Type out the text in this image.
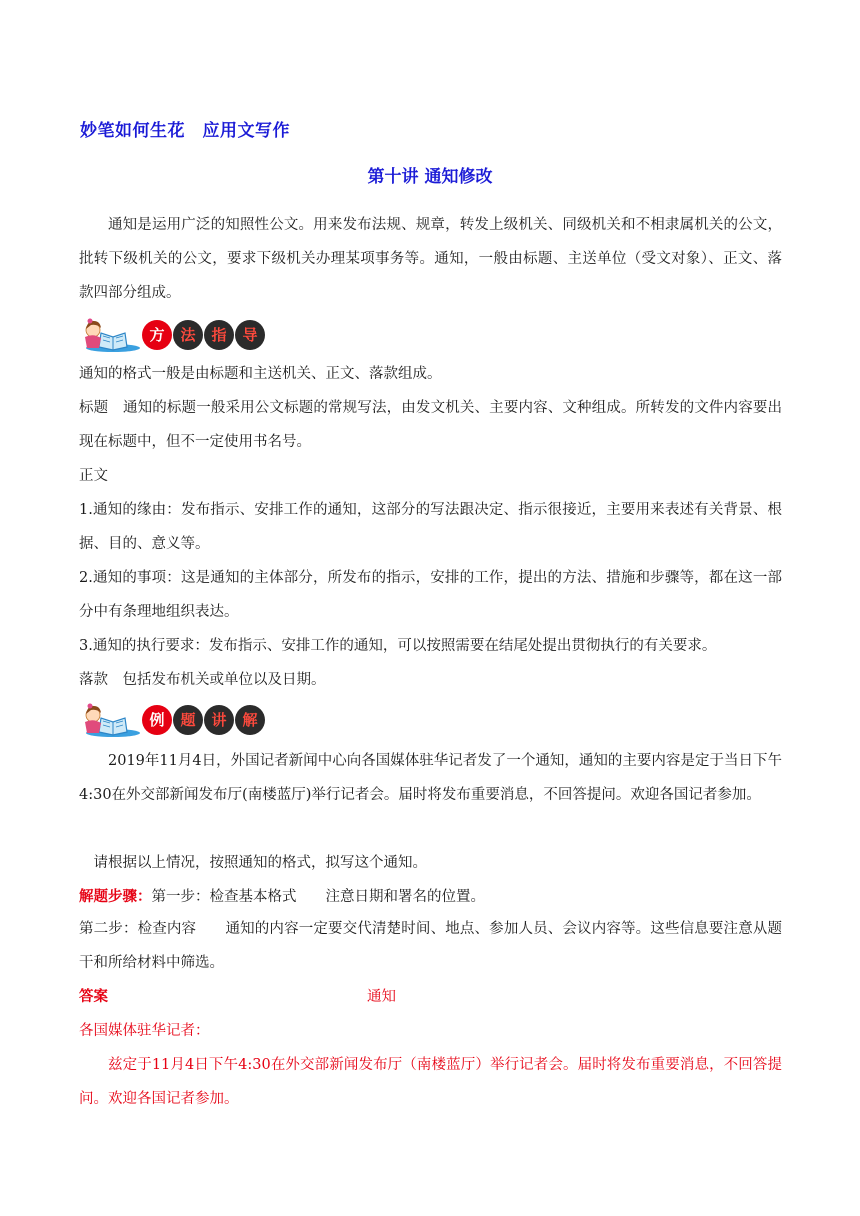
妙笔如何生花　应用文写作
第十讲 通知修改

通知是运用广泛的知照性公文。用来发布法规、规章，转发上级机关、同级机关和不相隶属机关的公文，批转下级机关的公文，要求下级机关办理某项事务等。通知，一般由标题、主送单位（受文对象）、正文、落款四部分组成。

方	法	指	导

通知的格式一般是由标题和主送机关、正文、落款组成。

标题　通知的标题一般采用公文标题的常规写法，由发文机关、主要内容、文种组成。所转发的文件内容要出现在标题中，但不一定使用书名号。

正文

1.通知的缘由：发布指示、安排工作的通知，这部分的写法跟决定、指示很接近，主要用来表述有关背景、根据、目的、意义等。

2.通知的事项：这是通知的主体部分，所发布的指示，安排的工作，提出的方法、措施和步骤等，都在这一部分中有条理地组织表达。

3.通知的执行要求：发布指示、安排工作的通知，可以按照需要在结尾处提出贯彻执行的有关要求。

落款　包括发布机关或单位以及日期。

例	题	讲	解

2019年11月4日，外国记者新闻中心向各国媒体驻华记者发了一个通知，通知的主要内容是定于当日下午4:30在外交部新闻发布厅(南楼蓝厅)举行记者会。届时将发布重要消息，不回答提问。欢迎各国记者参加。

请根据以上情况，按照通知的格式，拟写这个通知。

解题步骤：第一步：检查基本格式　　注意日期和署名的位置。

第二步：检查内容　　通知的内容一定要交代清楚时间、地点、参加人员、会议内容等。这些信息要注意从题干和所给材料中筛选。

答案	通知

各国媒体驻华记者：

兹定于11月4日下午4:30在外交部新闻发布厅（南楼蓝厅）举行记者会。届时将发布重要消息，不回答提问。欢迎各国记者参加。
